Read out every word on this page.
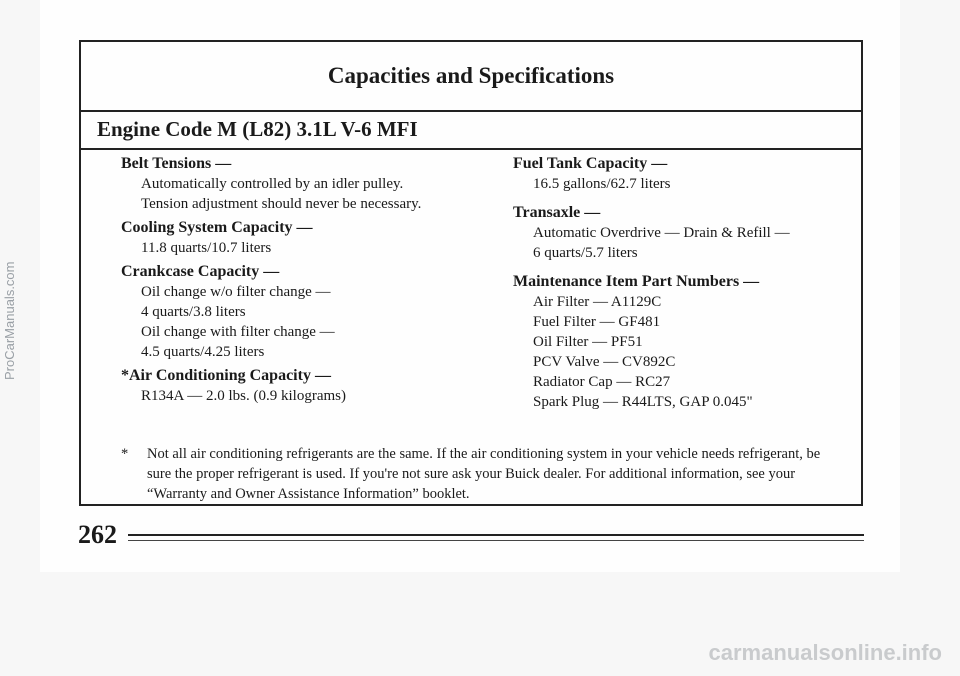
Capacities and Specifications
Engine Code M (L82) 3.1L V-6 MFI

Belt Tensions —

Automatically controlled by an idler pulley.

Tension adjustment should never be necessary.

Cooling System Capacity —

11.8 quarts/10.7 liters

Crankcase Capacity —

Oil change w/o filter change —

4 quarts/3.8 liters

Oil change with filter change —

4.5 quarts/4.25 liters

*Air Conditioning Capacity —

R134A — 2.0 lbs. (0.9 kilograms)

Fuel Tank Capacity —

16.5 gallons/62.7 liters

Transaxle —

Automatic Overdrive — Drain & Refill —

6 quarts/5.7 liters

Maintenance Item Part Numbers —

Air Filter — A1129C

Fuel Filter — GF481

Oil Filter — PF51

PCV Valve — CV892C

Radiator Cap — RC27

Spark Plug — R44LTS, GAP 0.045"

*	Not all air conditioning refrigerants are the same. If the air conditioning system in your vehicle needs refrigerant, be sure the proper refrigerant is used. If you're not sure ask your Buick dealer. For additional information, see your “Warranty and Owner Assistance Information” booklet.
262
ProCarManuals.com
carmanualsonline.info
